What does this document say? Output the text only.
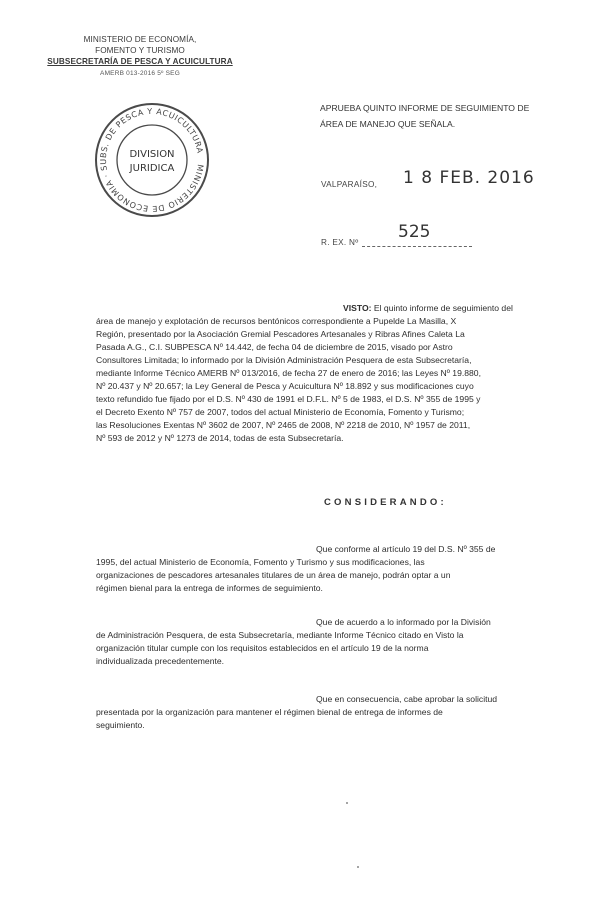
MINISTERIO DE ECONOMÍA,
FOMENTO Y TURISMO
SUBSECRETARÍA DE PESCA Y ACUICULTURA
AMERB 013-2016 5º SEG
MINISTERIO DE ECONOMIA · SUBS. DE PESCA Y ACUICULTURA
DIVISION
JURIDICA
APRUEBA QUINTO INFORME DE SEGUIMIENTO DE
ÁREA DE MANEJO QUE SEÑALA.
VALPARAÍSO, 1 8 FEB. 2016
R. EX. Nº
525
VISTO: El quinto informe de seguimiento del
área de manejo y explotación de recursos bentónicos correspondiente a Pupelde La Masilla, X
Región, presentado por la Asociación Gremial Pescadores Artesanales y Ribras Afines Caleta La
Pasada A.G., C.I. SUBPESCA Nº 14.442, de fecha 04 de diciembre de 2015, visado por Astro
Consultores Limitada; lo informado por la División Administración Pesquera de esta Subsecretaría,
mediante Informe Técnico AMERB Nº 013/2016, de fecha 27 de enero de 2016; las Leyes Nº 19.880,
Nº 20.437 y Nº 20.657; la Ley General de Pesca y Acuicultura Nº 18.892 y sus modificaciones cuyo
texto refundido fue fijado por el D.S. Nº 430 de 1991 el D.F.L. Nº 5 de 1983, el D.S. Nº 355 de 1995 y
el Decreto Exento Nº 757 de 2007, todos del actual Ministerio de Economía, Fomento y Turismo;
las Resoluciones Exentas Nº 3602 de 2007, Nº 2465 de 2008, Nº 2218 de 2010, Nº 1957 de 2011,
Nº 593 de 2012 y Nº 1273 de 2014, todas de esta Subsecretaría.
CONSIDERANDO:
Que conforme al artículo 19 del D.S. Nº 355 de
1995, del actual Ministerio de Economía, Fomento y Turismo y sus modificaciones, las
organizaciones de pescadores artesanales titulares de un área de manejo, podrán optar a un
régimen bienal para la entrega de informes de seguimiento.
Que de acuerdo a lo informado por la División
de Administración Pesquera, de esta Subsecretaría, mediante Informe Técnico citado en Visto la
organización titular cumple con los requisitos establecidos en el artículo 19 de la norma
individualizada precedentemente.
Que en consecuencia, cabe aprobar la solicitud
presentada por la organización para mantener el régimen bienal de entrega de informes de
seguimiento.
